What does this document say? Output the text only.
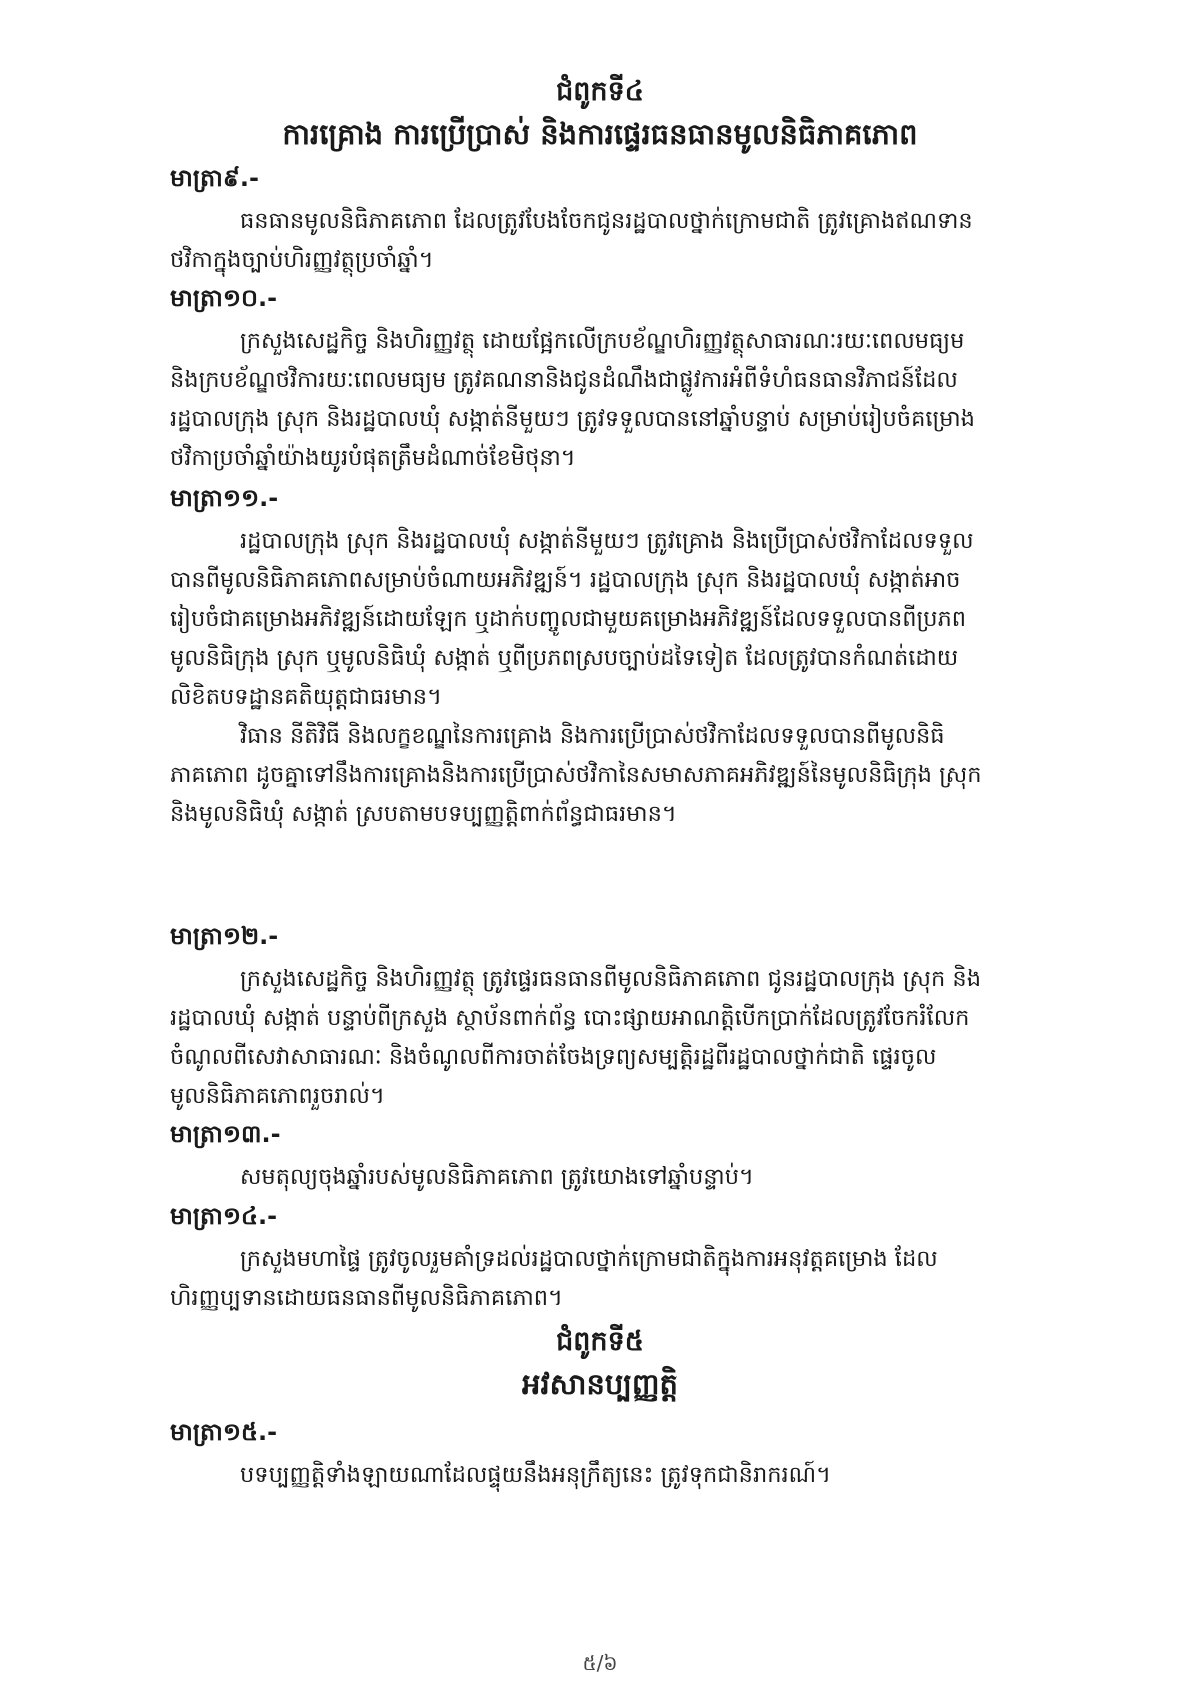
ជំពូកទី៤

ការគ្រោង ការប្រើប្រាស់ និងការផ្ទេរធនធានមូលនិធិភាគភោព

មាត្រា៩.-

ធនធានមូលនិធិភាគភោព ដែលត្រូវបែងចែកជូនរដ្ឋបាលថ្នាក់ក្រោមជាតិ ត្រូវគ្រោងឥណទាន
ថវិកាក្នុងច្បាប់ហិរញ្ញវត្ថុប្រចាំឆ្នាំ។

មាត្រា១០.-

ក្រសួងសេដ្ឋកិច្ច និងហិរញ្ញវត្ថុ ដោយផ្អែកលើក្របខ័ណ្ឌហិរញ្ញវត្ថុសាធារណៈរយៈពេលមធ្យម
និងក្របខ័ណ្ឌថវិការយៈពេលមធ្យម ត្រូវគណនានិងជូនដំណឹងជាផ្លូវការអំពីទំហំធនធានវិភាជន៍ដែល
រដ្ឋបាលក្រុង ស្រុក និងរដ្ឋបាលឃុំ សង្កាត់នីមួយៗ ត្រូវទទួលបាននៅឆ្នាំបន្ទាប់ សម្រាប់រៀបចំគម្រោង
ថវិកាប្រចាំឆ្នាំយ៉ាងយូរបំផុតត្រឹមដំណាច់ខែមិថុនា។

មាត្រា១១.-

រដ្ឋបាលក្រុង ស្រុក និងរដ្ឋបាលឃុំ សង្កាត់នីមួយៗ ត្រូវគ្រោង និងប្រើប្រាស់ថវិកាដែលទទួល
បានពីមូលនិធិភាគភោពសម្រាប់ចំណាយអភិវឌ្ឍន៍។ រដ្ឋបាលក្រុង ស្រុក និងរដ្ឋបាលឃុំ សង្កាត់អាច
រៀបចំជាគម្រោងអភិវឌ្ឍន៍ដោយឡែក ឬដាក់បញ្ចូលជាមួយគម្រោងអភិវឌ្ឍន៍ដែលទទួលបានពីប្រភព
មូលនិធិក្រុង ស្រុក ឬមូលនិធិឃុំ សង្កាត់ ឬពីប្រភពស្របច្បាប់ដទៃទៀត ដែលត្រូវបានកំណត់ដោយ
លិខិតបទដ្ឋានគតិយុត្តជាធរមាន។

វិធាន នីតិវិធី និងលក្ខខណ្ឌនៃការគ្រោង និងការប្រើប្រាស់ថវិកាដែលទទួលបានពីមូលនិធិ
ភាគភោព ដូចគ្នាទៅនឹងការគ្រោងនិងការប្រើប្រាស់ថវិកានៃសមាសភាគអភិវឌ្ឍន៍នៃមូលនិធិក្រុង ស្រុក
និងមូលនិធិឃុំ សង្កាត់ ស្របតាមបទប្បញ្ញត្តិពាក់ព័ន្ធជាធរមាន។

មាត្រា១២.-

ក្រសួងសេដ្ឋកិច្ច និងហិរញ្ញវត្ថុ ត្រូវផ្ទេរធនធានពីមូលនិធិភាគភោព ជូនរដ្ឋបាលក្រុង ស្រុក និង
រដ្ឋបាលឃុំ សង្កាត់ បន្ទាប់ពីក្រសួង ស្ថាប័នពាក់ព័ន្ធ បោះផ្សាយអាណត្តិបើកប្រាក់ដែលត្រូវចែករំលែក
ចំណូលពីសេវាសាធារណៈ និងចំណូលពីការចាត់ចែងទ្រព្យសម្បត្តិរដ្ឋពីរដ្ឋបាលថ្នាក់ជាតិ ផ្ទេរចូល
មូលនិធិភាគភោពរួចរាល់។

មាត្រា១៣.-

សមតុល្យចុងឆ្នាំរបស់មូលនិធិភាគភោព ត្រូវយោងទៅឆ្នាំបន្ទាប់។

មាត្រា១៤.-

ក្រសួងមហាផ្ទៃ ត្រូវចូលរួមគាំទ្រដល់រដ្ឋបាលថ្នាក់ក្រោមជាតិក្នុងការអនុវត្តគម្រោង ដែល
ហិរញ្ញប្បទានដោយធនធានពីមូលនិធិភាគភោព។

ជំពូកទី៥

អវសានប្បញ្ញត្តិ

មាត្រា១៥.-

បទប្បញ្ញត្តិទាំងឡាយណាដែលផ្ទុយនឹងអនុក្រឹត្យនេះ ត្រូវទុកជានិរាករណ៍។

៥/៦
